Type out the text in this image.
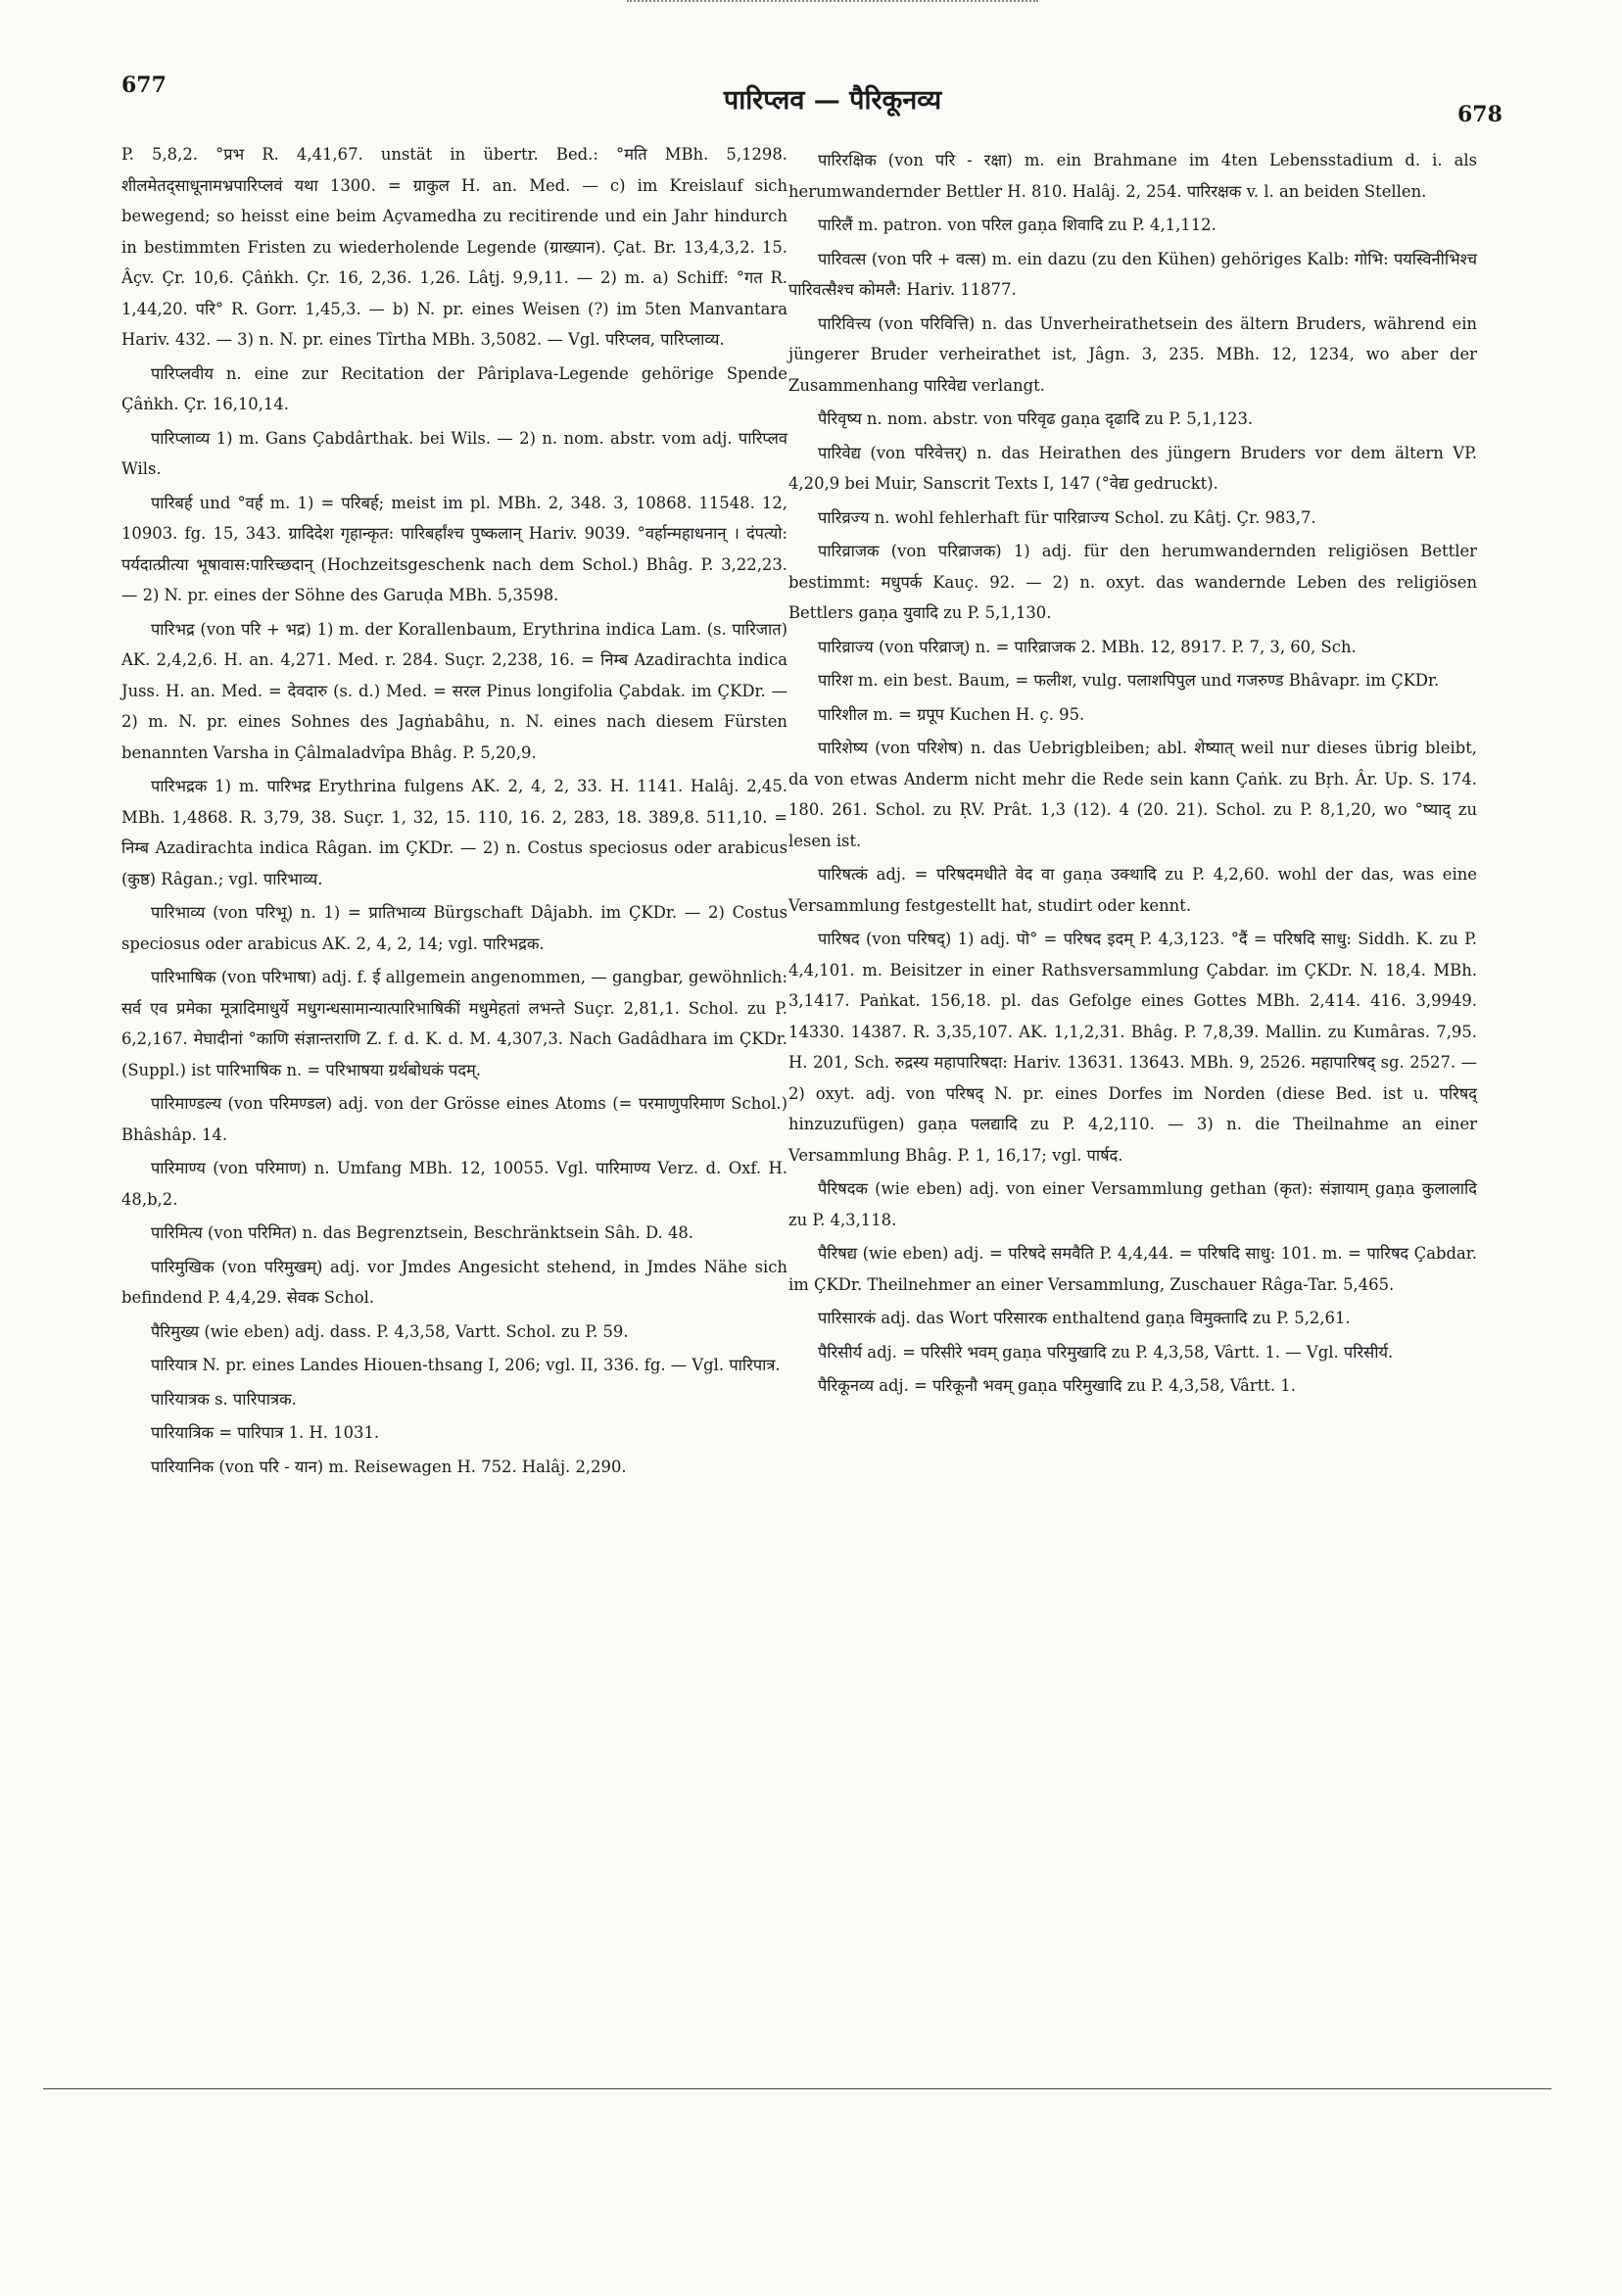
677	पारिप्लव — पैरिकूनव्य	678

P. 5,8,2. °प्रभ R. 4,41,67. unstät in übertr. Bed.: °मति MBh. 5,1298. शीलमेतद्साधूनामभ्रपारिप्लवं यथा 1300. = ग्राकुल H. an. Med. — c) im Kreislauf sich bewegend; so heisst eine beim Açvamedha zu recitirende und ein Jahr hindurch in bestimmten Fristen zu wiederholende Legende (ग्राख्यान). Çat. Br. 13,4,3,2. 15. Âçv. Çr. 10,6. Çâṅkh. Çr. 16, 2,36. 1,26. Lâṭj. 9,9,11. — 2) m. a) Schiff: °गत R. 1,44,20. परि° R. Gorr. 1,45,3. — b) N. pr. eines Weisen (?) im 5ten Manvantara Hariv. 432. — 3) n. N. pr. eines Tîrtha MBh. 3,5082. — Vgl. परिप्लव, पारिप्लाव्य.

पारिप्लवीय n. eine zur Recitation der Pâriplava-Legende gehörige Spende Çâṅkh. Çr. 16,10,14.

पारिप्लाव्य 1) m. Gans Çabdârthak. bei Wils. — 2) n. nom. abstr. vom adj. पारिप्लव Wils.

पारिबर्ह und °वर्ह m. 1) = परिबर्ह; meist im pl. MBh. 2, 348. 3, 10868. 11548. 12, 10903. fg. 15, 343. ग्रादिदेश गृहान्कृत: पारिबर्हांश्च पुष्कलान् Hariv. 9039. °वर्हान्महाधनान् । दंपत्यो: पर्यदात्प्रीत्या भूषावास:पारिच्छदान् (Hochzeitsgeschenk nach dem Schol.) Bhâg. P. 3,22,23. — 2) N. pr. eines der Söhne des Garuḍa MBh. 5,3598.

पारिभद्र (von परि + भद्र) 1) m. der Korallenbaum, Erythrina indica Lam. (s. पारिजात) AK. 2,4,2,6. H. an. 4,271. Med. r. 284. Suçr. 2,238, 16. = निम्ब Azadirachta indica Juss. H. an. Med. = देवदारु (s. d.) Med. = सरल Pinus longifolia Çabdak. im ÇKDr. — 2) m. N. pr. eines Sohnes des Jagṅabâhu, n. N. eines nach diesem Fürsten benannten Varsha in Çâlmaladvîpa Bhâg. P. 5,20,9.

पारिभद्रक 1) m. पारिभद्र Erythrina fulgens AK. 2, 4, 2, 33. H. 1141. Halâj. 2,45. MBh. 1,4868. R. 3,79, 38. Suçr. 1, 32, 15. 110, 16. 2, 283, 18. 389,8. 511,10. = निम्ब Azadirachta indica Râgan. im ÇKDr. — 2) n. Costus speciosus oder arabicus (कुष्ठ) Râgan.; vgl. पारिभाव्य.

पारिभाव्य (von परिभू) n. 1) = प्रातिभाव्य Bürgschaft Dâjabh. im ÇKDr. — 2) Costus speciosus oder arabicus AK. 2, 4, 2, 14; vgl. पारिभद्रक.

पारिभाषिक (von परिभाषा) adj. f. ई allgemein angenommen, — gangbar, gewöhnlich: सर्व एव प्रमेका मूत्रादिमाधुर्ये मधुगन्धसामान्यात्पारिभाषिकीं मधुमेहतां लभन्ते Suçr. 2,81,1. Schol. zu P. 6,2,167. मेघादीनां °काणि संज्ञान्तराणि Z. f. d. K. d. M. 4,307,3. Nach Gadâdhara im ÇKDr. (Suppl.) ist पारिभाषिक n. = परिभाषया ग्रर्थबोधकं पदम्.

पारिमाण्डल्य (von परिमण्डल) adj. von der Grösse eines Atoms (= परमाणुपरिमाण Schol.) Bhâshâp. 14.

पारिमाण्य (von परिमाण) n. Umfang MBh. 12, 10055. Vgl. पारिमाण्य Verz. d. Oxf. H. 48,b,2.

पारिमित्य (von परिमित) n. das Begrenztsein, Beschränktsein Sâh. D. 48.

पारिमुखिक (von परिमुखम्) adj. vor Jmdes Angesicht stehend, in Jmdes Nähe sich befindend P. 4,4,29. सेवक Schol.

पैरिमुख्य (wie eben) adj. dass. P. 4,3,58, Vartt. Schol. zu P. 59.

पारियात्र N. pr. eines Landes Hiouen-thsang I, 206; vgl. II, 336. fg. — Vgl. पारिपात्र.

पारियात्रक s. पारिपात्रक.

पारियात्रिक = पारिपात्र 1. H. 1031.

पारियानिक (von परि - यान) m. Reisewagen H. 752. Halâj. 2,290.

पारिरक्षिक (von परि - रक्षा) m. ein Brahmane im 4ten Lebensstadium d. i. als herumwandernder Bettler H. 810. Halâj. 2, 254. पारिरक्षक v. l. an beiden Stellen.

पारिलैं m. patron. von परिल gaṇa शिवादि zu P. 4,1,112.

पारिवत्स (von परि + वत्स) m. ein dazu (zu den Kühen) gehöriges Kalb: गोभि: पयस्विनीभिश्च पारिवत्सैश्च कोमलै: Hariv. 11877.

पारिवित्त्य (von परिवित्ति) n. das Unverheirathetsein des ältern Bruders, während ein jüngerer Bruder verheirathet ist, Jâgn. 3, 235. MBh. 12, 1234, wo aber der Zusammenhang पारिवेद्य verlangt.

पैरिवृष्य n. nom. abstr. von परिवृढ gaṇa दृढादि zu P. 5,1,123.

पारिवेद्य (von परिवेत्तर्) n. das Heirathen des jüngern Bruders vor dem ältern VP. 4,20,9 bei Muir, Sanscrit Texts I, 147 (°वेद्य gedruckt).

पारिव्रज्य n. wohl fehlerhaft für पारिव्राज्य Schol. zu Kâtj. Çr. 983,7.

पारिव्राजक (von परिव्राजक) 1) adj. für den herumwandernden religiösen Bettler bestimmt: मधुपर्क Kauç. 92. — 2) n. oxyt. das wandernde Leben des religiösen Bettlers gaṇa युवादि zu P. 5,1,130.

पारिव्राज्य (von परिव्राज्) n. = पारिव्राजक 2. MBh. 12, 8917. P. 7, 3, 60, Sch.

पारिश m. ein best. Baum, = फलीश, vulg. पलाशपिपुल und गजरुण्ड Bhâvapr. im ÇKDr.

पारिशील m. = ग्रपूप Kuchen H. ç. 95.

पारिशेष्य (von परिशेष) n. das Uebrigbleiben; abl. शेष्यात् weil nur dieses übrig bleibt, da von etwas Anderm nicht mehr die Rede sein kann Çaṅk. zu Bṛh. Âr. Up. S. 174. 180. 261. Schol. zu ṚV. Prât. 1,3 (12). 4 (20. 21). Schol. zu P. 8,1,20, wo °ष्याद् zu lesen ist.

पारिषत्कं adj. = परिषदमधीते वेद वा gaṇa उक्थादि zu P. 4,2,60. wohl der das, was eine Versammlung festgestellt hat, studirt oder kennt.

पारिषद (von परिषद्) 1) adj. पॊ° = परिषद इदम् P. 4,3,123. °दैं = परिषदि साधु: Siddh. K. zu P. 4,4,101. m. Beisitzer in einer Rathsversammlung Çabdar. im ÇKDr. N. 18,4. MBh. 3,1417. Paṅkat. 156,18. pl. das Gefolge eines Gottes MBh. 2,414. 416. 3,9949. 14330. 14387. R. 3,35,107. AK. 1,1,2,31. Bhâg. P. 7,8,39. Mallin. zu Kumâras. 7,95. H. 201, Sch. रुद्रस्य महापारिषदा: Hariv. 13631. 13643. MBh. 9, 2526. महापारिषद् sg. 2527. — 2) oxyt. adj. von परिषद् N. pr. eines Dorfes im Norden (diese Bed. ist u. परिषद् hinzuzufügen) gaṇa पलद्यादि zu P. 4,2,110. — 3) n. die Theilnahme an einer Versammlung Bhâg. P. 1, 16,17; vgl. पार्षद.

पैरिषदक (wie eben) adj. von einer Versammlung gethan (कृत): संज्ञायाम् gaṇa कुलालादि zu P. 4,3,118.

पैरिषद्य (wie eben) adj. = परिषदे समवैति P. 4,4,44. = परिषदि साधु: 101. m. = पारिषद Çabdar. im ÇKDr. Theilnehmer an einer Versammlung, Zuschauer Râga-Tar. 5,465.

पारिसारकं adj. das Wort परिसारक enthaltend gaṇa विमुक्तादि zu P. 5,2,61.

पैरिसीर्य adj. = परिसीरे भवम् gaṇa परिमुखादि zu P. 4,3,58, Vârtt. 1. — Vgl. परिसीर्य.

पैरिकूनव्य adj. = परिकूनौ भवम् gaṇa परिमुखादि zu P. 4,3,58, Vârtt. 1.
